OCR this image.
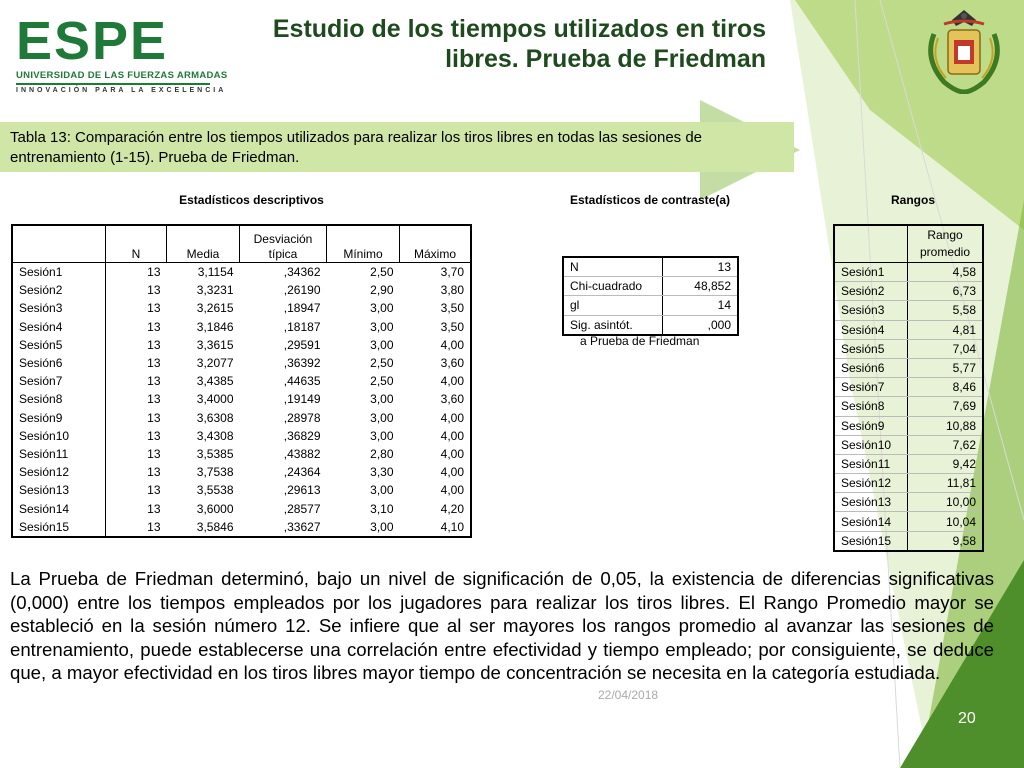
ESPE
UNIVERSIDAD DE LAS FUERZAS ARMADAS
INNOVACIÓN PARA LA EXCELENCIA
Estudio de los tiempos utilizados en tiros
libres. Prueba de Friedman
Tabla 13: Comparación entre los tiempos utilizados para realizar los tiros libres en todas las sesiones de entrenamiento (1-15). Prueba de Friedman.
Estadísticos descriptivos
	N	Media	Desviación típica	Mínimo	Máximo
Sesión1	13	3,1154	,34362	2,50	3,70
Sesión2	13	3,3231	,26190	2,90	3,80
Sesión3	13	3,2615	,18947	3,00	3,50
Sesión4	13	3,1846	,18187	3,00	3,50
Sesión5	13	3,3615	,29591	3,00	4,00
Sesión6	13	3,2077	,36392	2,50	3,60
Sesión7	13	3,4385	,44635	2,50	4,00
Sesión8	13	3,4000	,19149	3,00	3,60
Sesión9	13	3,6308	,28978	3,00	4,00
Sesión10	13	3,4308	,36829	3,00	4,00
Sesión11	13	3,5385	,43882	2,80	4,00
Sesión12	13	3,7538	,24364	3,30	4,00
Sesión13	13	3,5538	,29613	3,00	4,00
Sesión14	13	3,6000	,28577	3,10	4,20
Sesión15	13	3,5846	,33627	3,00	4,10
Estadísticos de contraste(a)
N	13
Chi-cuadrado	48,852
gl	14
Sig. asintót.	,000
a Prueba de Friedman
Rangos
	Rango promedio
Sesión1	4,58
Sesión2	6,73
Sesión3	5,58
Sesión4	4,81
Sesión5	7,04
Sesión6	5,77
Sesión7	8,46
Sesión8	7,69
Sesión9	10,88
Sesión10	7,62
Sesión11	9,42
Sesión12	11,81
Sesión13	10,00
Sesión14	10,04
Sesión15	9,58
La Prueba de Friedman determinó, bajo un nivel de significación de 0,05, la existencia de diferencias significativas (0,000) entre los tiempos empleados por los jugadores para realizar los tiros libres. El Rango Promedio mayor se estableció en la sesión número 12. Se infiere que al ser mayores los rangos promedio al avanzar las sesiones de entrenamiento, puede establecerse una correlación entre efectividad y tiempo empleado; por consiguiente, se deduce que, a mayor efectividad en los tiros libres mayor tiempo de concentración se necesita en la categoría estudiada.
22/04/2018
20
